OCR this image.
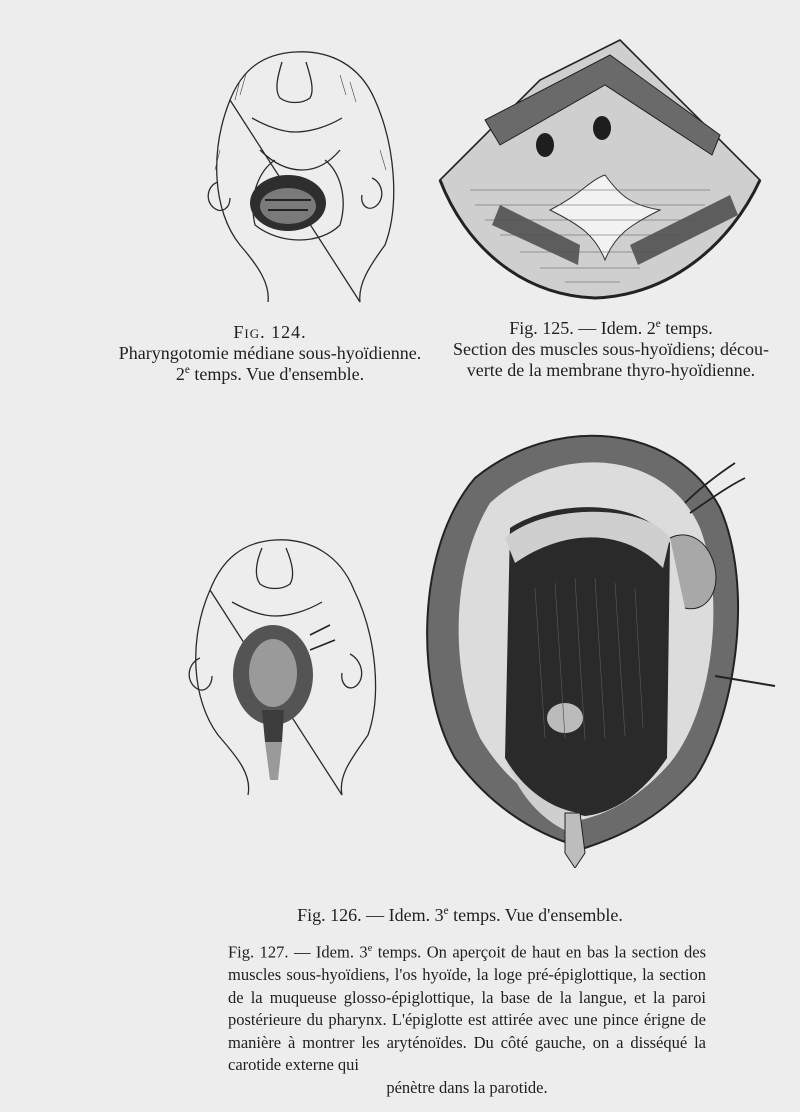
Fig. 124.
Pharyngotomie médiane sous-hyoïdienne.
2e temps. Vue d'ensemble.
Fig. 125. — Idem. 2e temps.
Section des muscles sous-hyoïdiens; décou-
verte de la membrane thyro-hyoïdienne.
Fig. 126. — Idem. 3e temps. Vue d'ensemble.
Fig. 127. — Idem. 3e temps. On aperçoit de haut en bas la section des muscles sous-hyoïdiens, l'os hyoïde, la loge pré-épiglottique, la section de la muqueuse glosso-épiglottique, la base de la langue, et la paroi postérieure du pharynx. L'épiglotte est attirée avec une pince érigne de manière à montrer les aryténoïdes. Du côté gauche, on a disséqué la carotide externe qui
pénètre dans la parotide.
